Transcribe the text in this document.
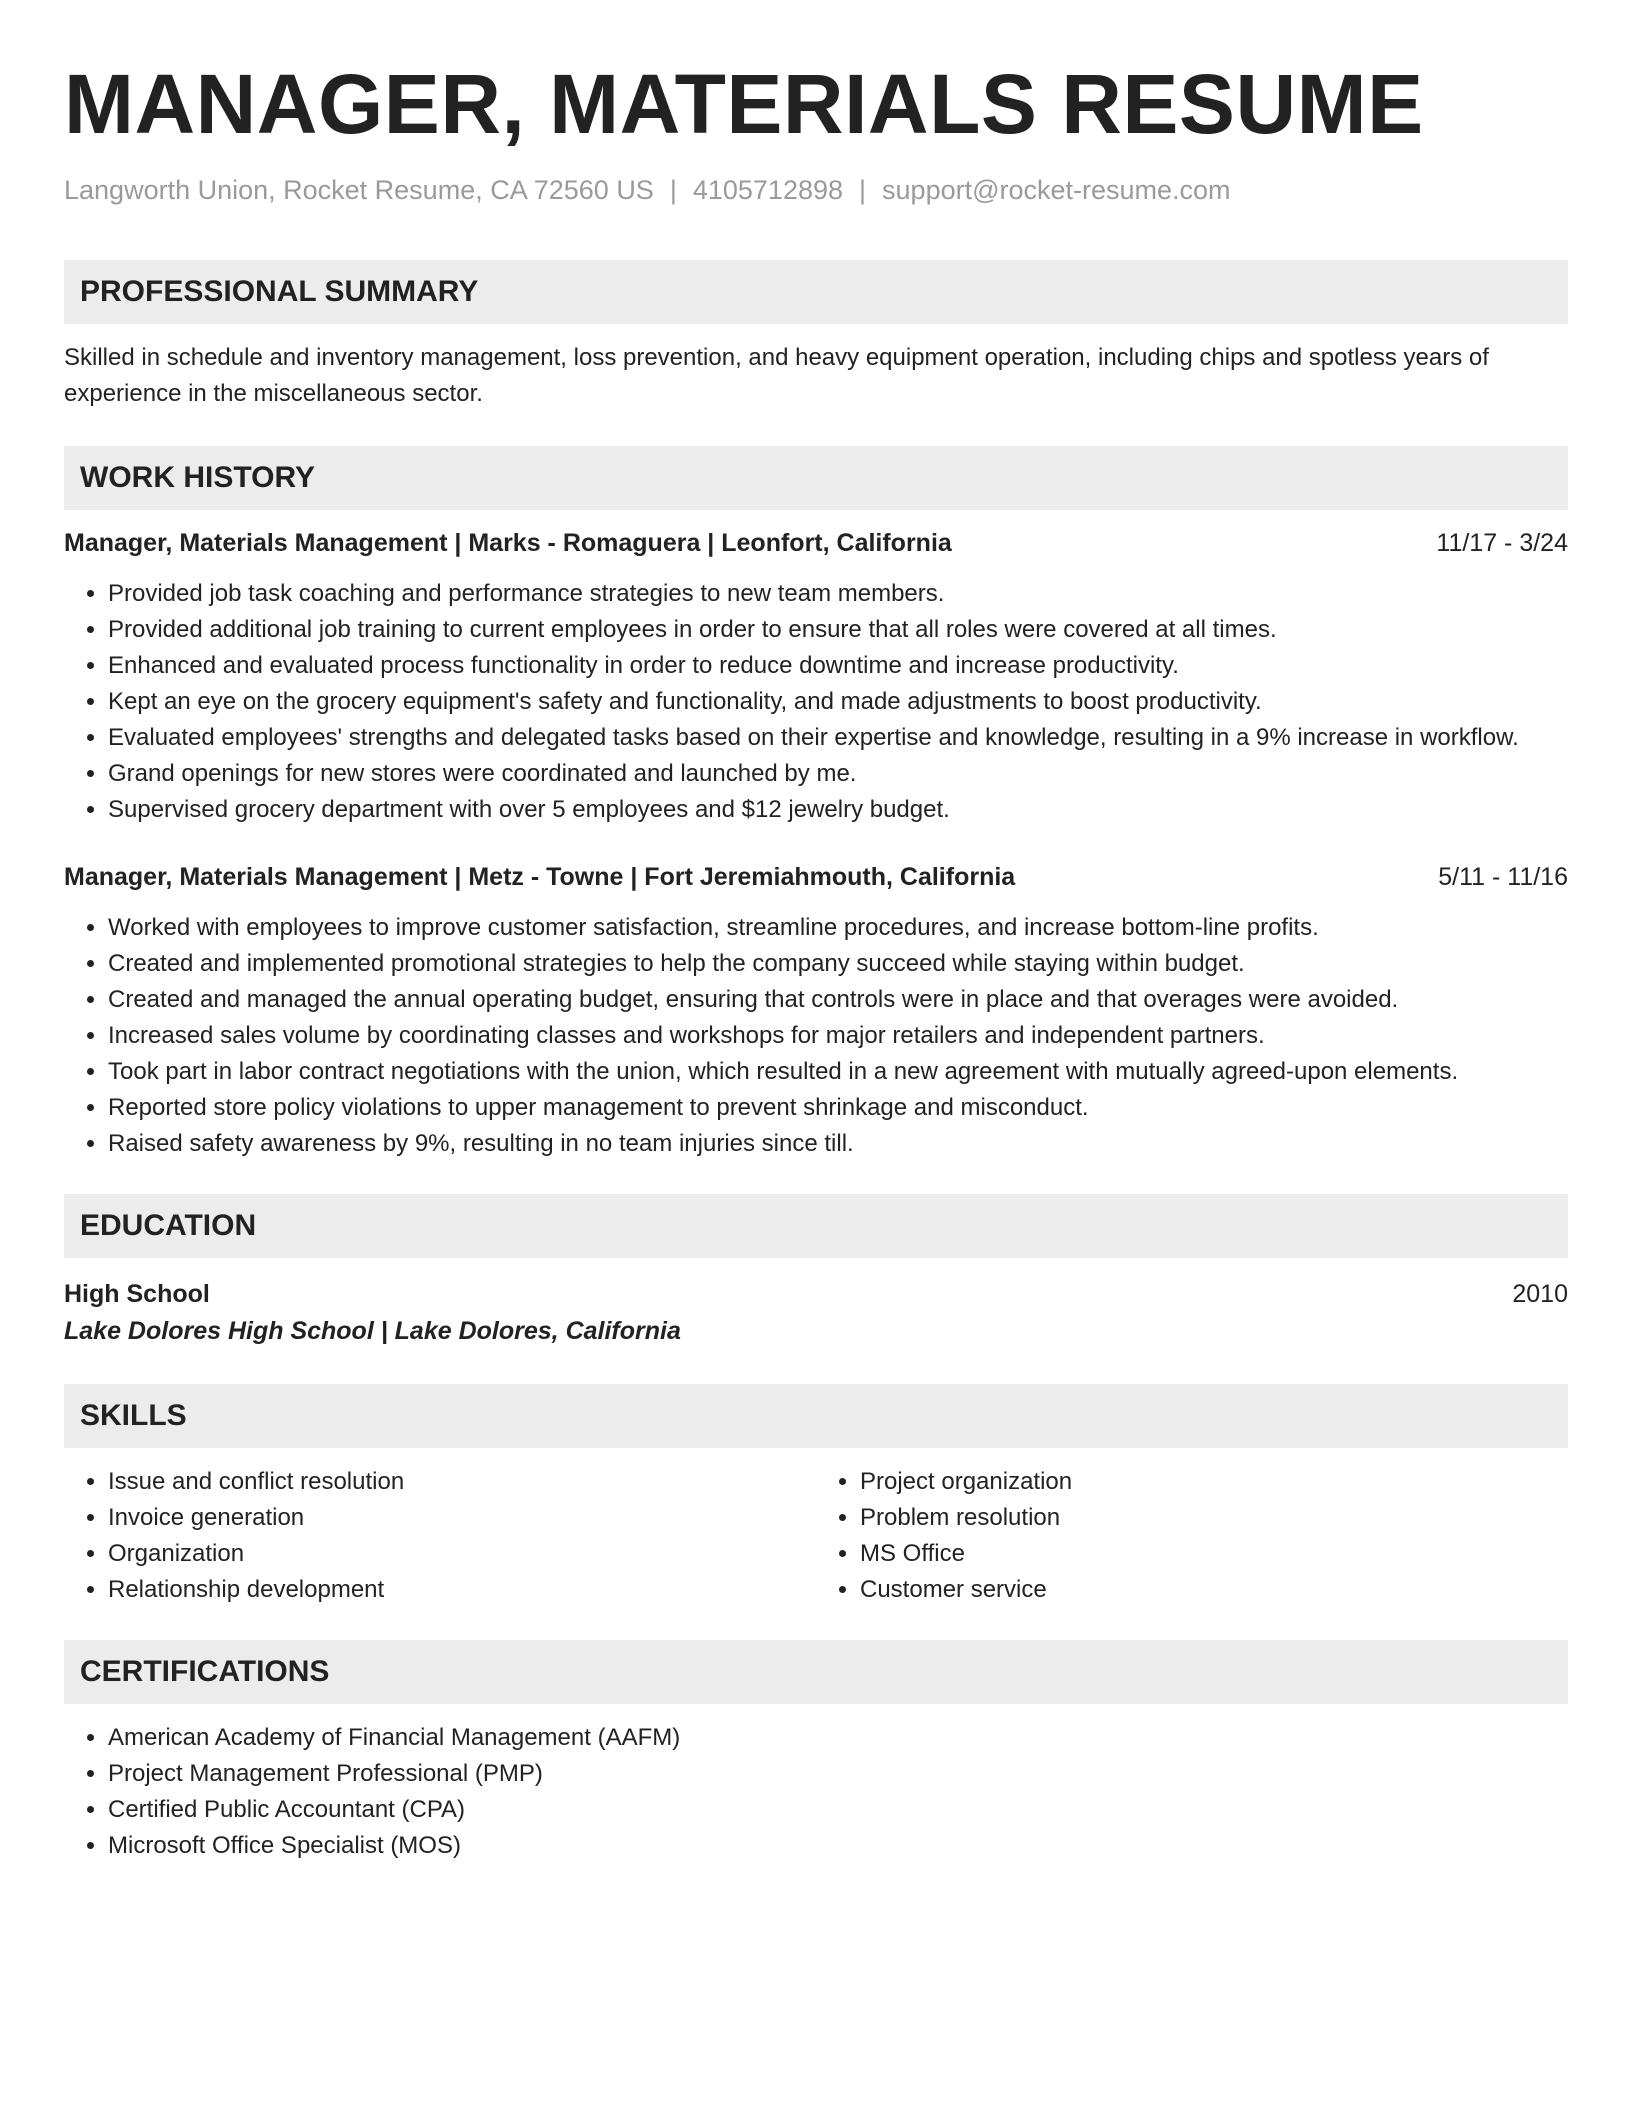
MANAGER, MATERIALS RESUME
Langworth Union, Rocket Resume, CA 72560 US | 4105712898 | support@rocket-resume.com
PROFESSIONAL SUMMARY
Skilled in schedule and inventory management, loss prevention, and heavy equipment operation, including chips and spotless years of experience in the miscellaneous sector.
WORK HISTORY
Manager, Materials Management | Marks - Romaguera | Leonfort, California	11/17 - 3/24
• Provided job task coaching and performance strategies to new team members.
• Provided additional job training to current employees in order to ensure that all roles were covered at all times.
• Enhanced and evaluated process functionality in order to reduce downtime and increase productivity.
• Kept an eye on the grocery equipment's safety and functionality, and made adjustments to boost productivity.
• Evaluated employees' strengths and delegated tasks based on their expertise and knowledge, resulting in a 9% increase in workflow.
• Grand openings for new stores were coordinated and launched by me.
• Supervised grocery department with over 5 employees and $12 jewelry budget.
Manager, Materials Management | Metz - Towne | Fort Jeremiahmouth, California	5/11 - 11/16
• Worked with employees to improve customer satisfaction, streamline procedures, and increase bottom-line profits.
• Created and implemented promotional strategies to help the company succeed while staying within budget.
• Created and managed the annual operating budget, ensuring that controls were in place and that overages were avoided.
• Increased sales volume by coordinating classes and workshops for major retailers and independent partners.
• Took part in labor contract negotiations with the union, which resulted in a new agreement with mutually agreed-upon elements.
• Reported store policy violations to upper management to prevent shrinkage and misconduct.
• Raised safety awareness by 9%, resulting in no team injuries since till.
EDUCATION
High School	2010
Lake Dolores High School | Lake Dolores, California
SKILLS
• Issue and conflict resolution
• Invoice generation
• Organization
• Relationship development
• Project organization
• Problem resolution
• MS Office
• Customer service
CERTIFICATIONS
• American Academy of Financial Management (AAFM)
• Project Management Professional (PMP)
• Certified Public Accountant (CPA)
• Microsoft Office Specialist (MOS)
